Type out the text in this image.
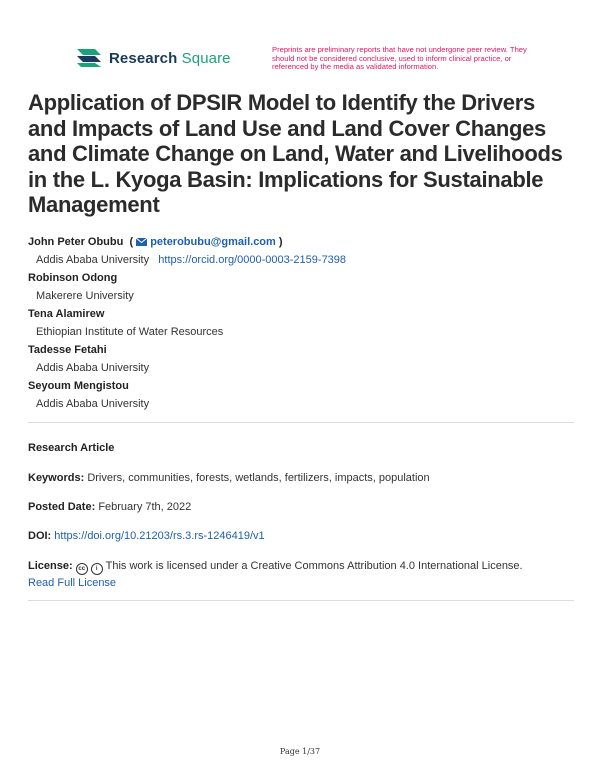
Research Square	Preprints are preliminary reports that have not undergone peer review. They should not be considered conclusive, used to inform clinical practice, or referenced by the media as validated information.
Application of DPSIR Model to Identify the Drivers and Impacts of Land Use and Land Cover Changes and Climate Change on Land, Water and Livelihoods in the L. Kyoga Basin: Implications for Sustainable Management
John Peter Obubu  ( peterobubu@gmail.com )
Addis Ababa University https://orcid.org/0000-0003-2159-7398
Robinson Odong
Makerere University
Tena Alamirew
Ethiopian Institute of Water Resources
Tadesse Fetahi
Addis Ababa University
Seyoum Mengistou
Addis Ababa University
Research Article
Keywords: Drivers, communities, forests, wetlands, fertilizers, impacts, population
Posted Date: February 7th, 2022
DOI: https://doi.org/10.21203/rs.3.rs-1246419/v1
License: cc i This work is licensed under a Creative Commons Attribution 4.0 International License.
Read Full License
Page 1/37
